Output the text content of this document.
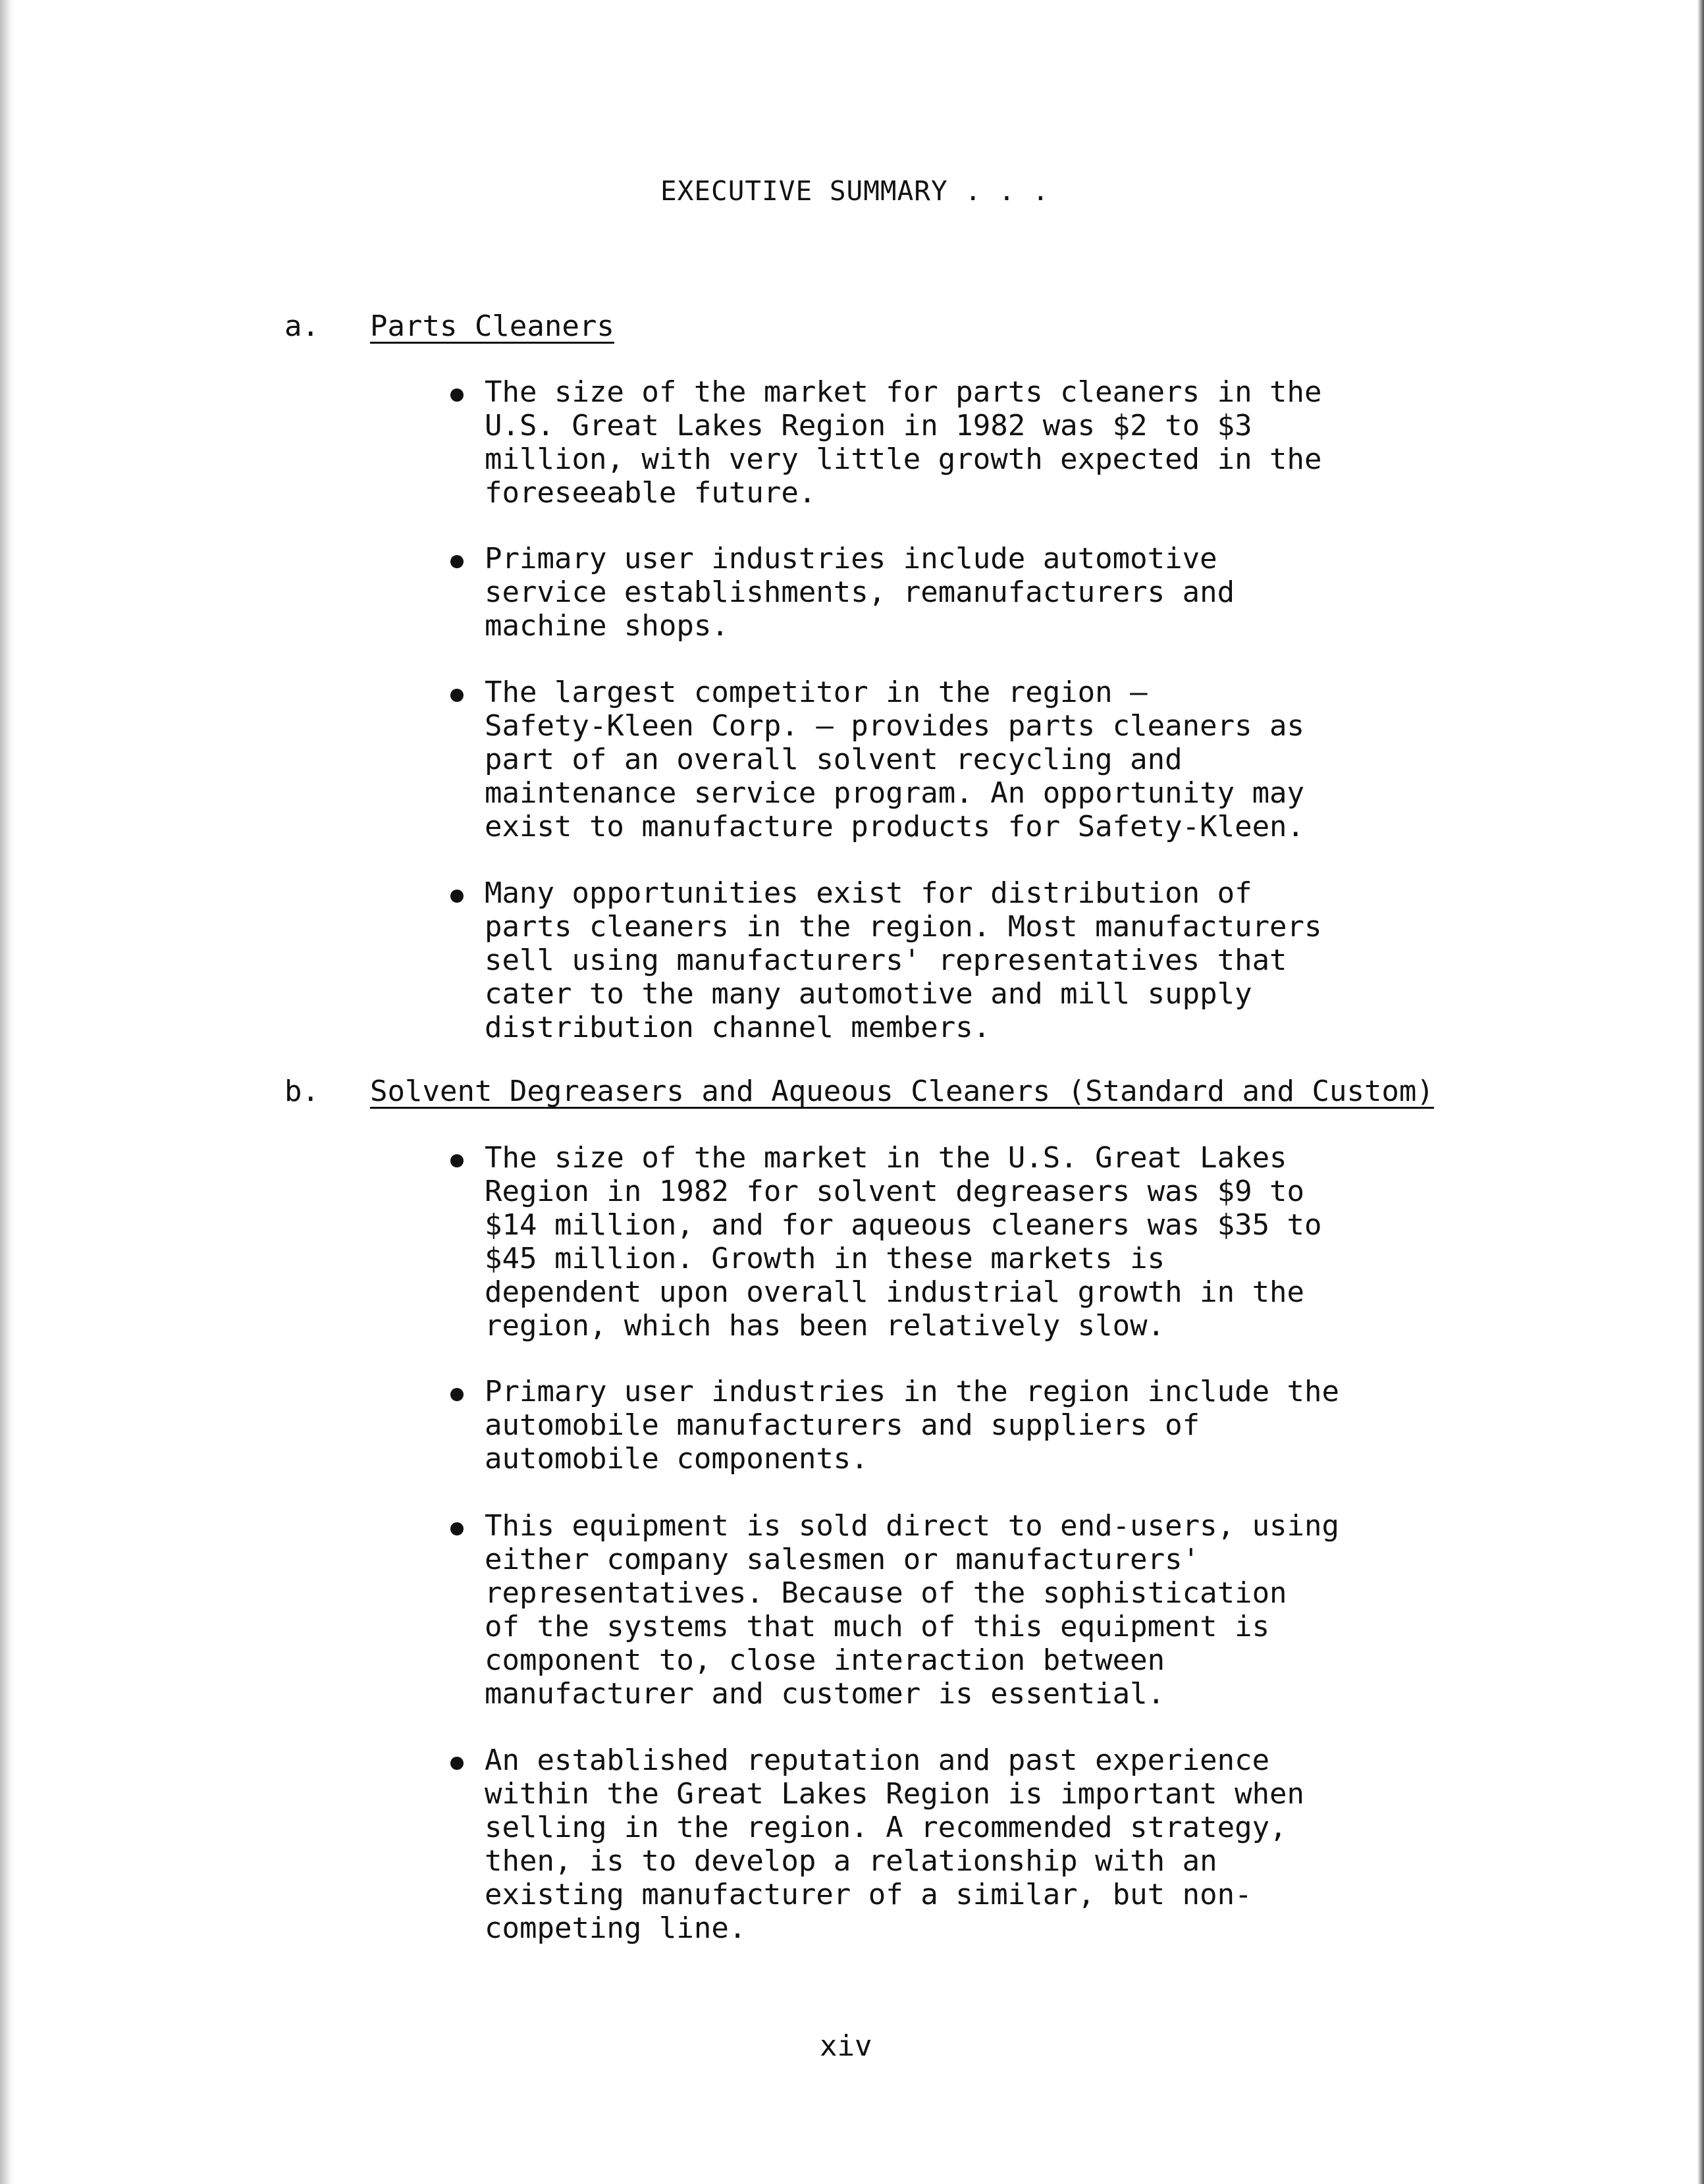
EXECUTIVE SUMMARY . . .

a.

Parts Cleaners

The size of the market for parts cleaners in the
U.S. Great Lakes Region in 1982 was $2 to $3
million, with very little growth expected in the
foreseeable future.
Primary user industries include automotive
service establishments, remanufacturers and
machine shops.
The largest competitor in the region —
Safety-Kleen Corp. — provides parts cleaners as
part of an overall solvent recycling and
maintenance service program. An opportunity may
exist to manufacture products for Safety-Kleen.
Many opportunities exist for distribution of
parts cleaners in the region. Most manufacturers
sell using manufacturers' representatives that
cater to the many automotive and mill supply
distribution channel members.

b.

Solvent Degreasers and Aqueous Cleaners (Standard and Custom)

The size of the market in the U.S. Great Lakes
Region in 1982 for solvent degreasers was $9 to
$14 million, and for aqueous cleaners was $35 to
$45 million. Growth in these markets is
dependent upon overall industrial growth in the
region, which has been relatively slow.
Primary user industries in the region include the
automobile manufacturers and suppliers of
automobile components.
This equipment is sold direct to end-users, using
either company salesmen or manufacturers'
representatives. Because of the sophistication
of the systems that much of this equipment is
component to, close interaction between
manufacturer and customer is essential.
An established reputation and past experience
within the Great Lakes Region is important when
selling in the region. A recommended strategy,
then, is to develop a relationship with an
existing manufacturer of a similar, but non-
competing line.
xiv
